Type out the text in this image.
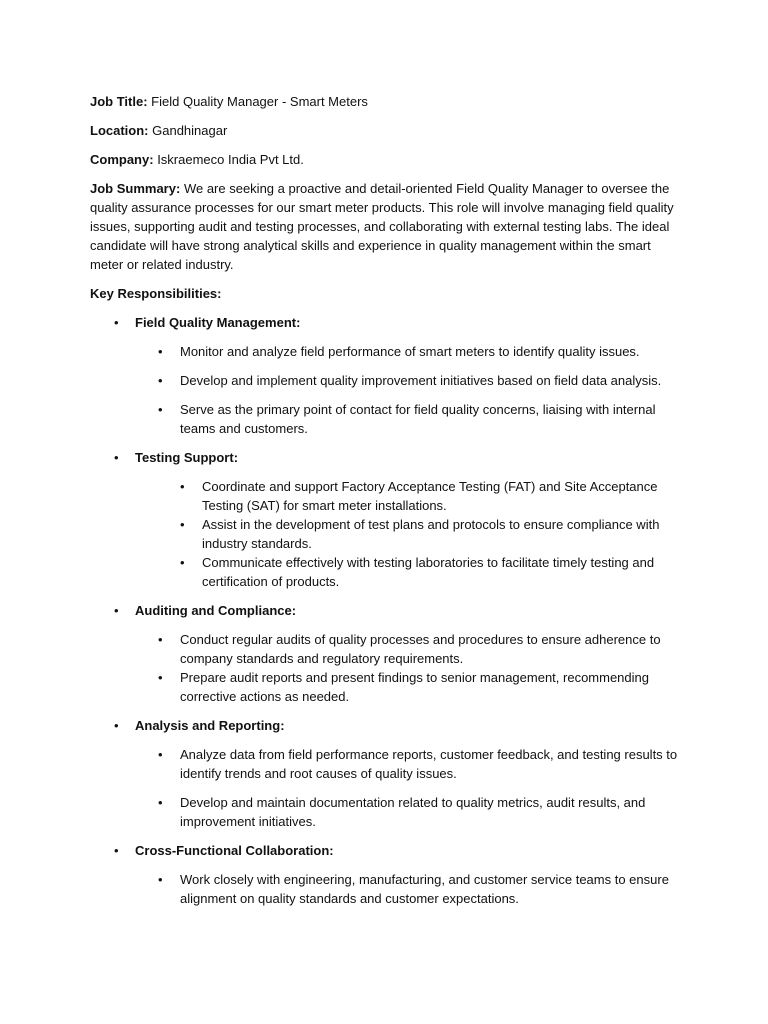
Job Title: Field Quality Manager - Smart Meters

Location: Gandhinagar

Company: Iskraemeco India Pvt Ltd.

Job Summary: We are seeking a proactive and detail-oriented Field Quality Manager to oversee the quality assurance processes for our smart meter products. This role will involve managing field quality issues, supporting audit and testing processes, and collaborating with external testing labs. The ideal candidate will have strong analytical skills and experience in quality management within the smart meter or related industry.

Key Responsibilities:

• Field Quality Management:

• Monitor and analyze field performance of smart meters to identify quality issues.

• Develop and implement quality improvement initiatives based on field data analysis.

• Serve as the primary point of contact for field quality concerns, liaising with internal teams and customers.

• Testing Support:

• Coordinate and support Factory Acceptance Testing (FAT) and Site Acceptance Testing (SAT) for smart meter installations.

• Assist in the development of test plans and protocols to ensure compliance with industry standards.

• Communicate effectively with testing laboratories to facilitate timely testing and certification of products.

• Auditing and Compliance:

• Conduct regular audits of quality processes and procedures to ensure adherence to company standards and regulatory requirements.

• Prepare audit reports and present findings to senior management, recommending corrective actions as needed.

• Analysis and Reporting:

• Analyze data from field performance reports, customer feedback, and testing results to identify trends and root causes of quality issues.

• Develop and maintain documentation related to quality metrics, audit results, and improvement initiatives.

• Cross-Functional Collaboration:

• Work closely with engineering, manufacturing, and customer service teams to ensure alignment on quality standards and customer expectations.
